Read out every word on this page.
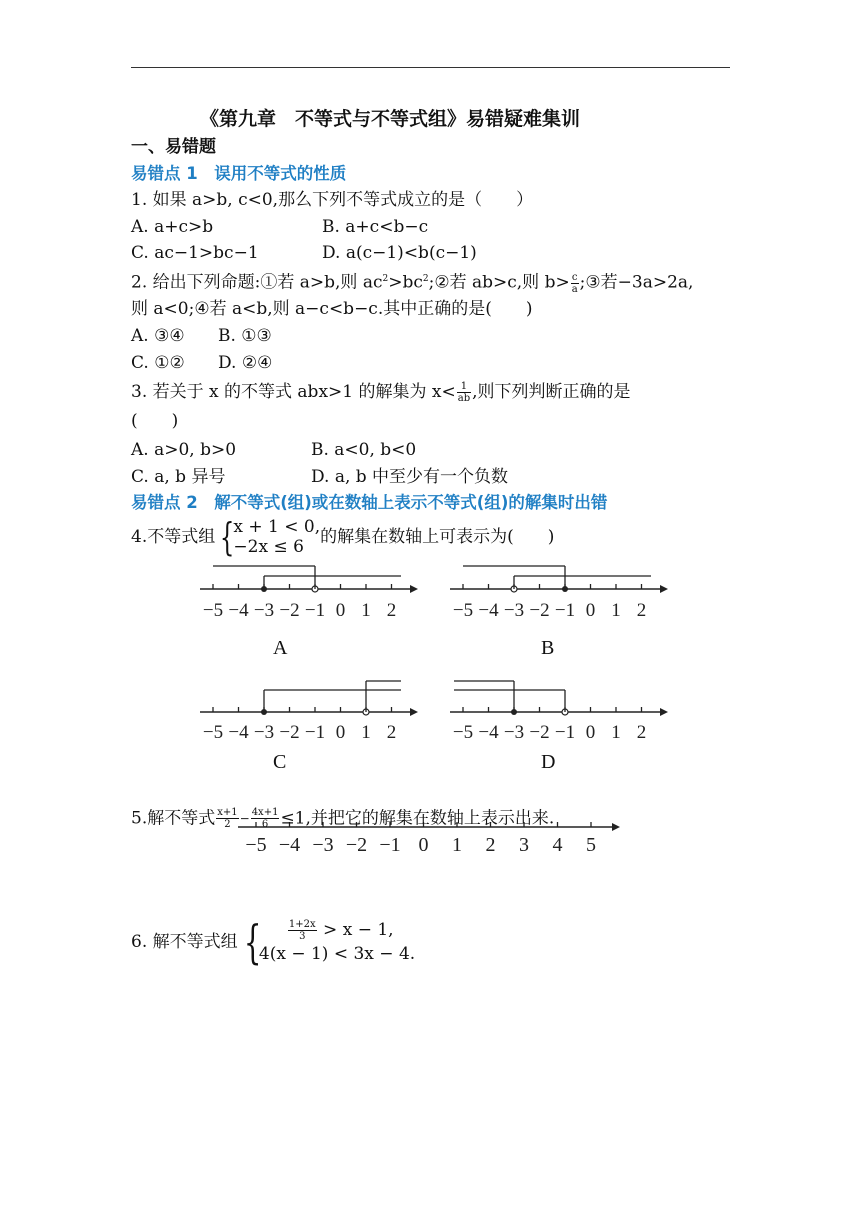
《第九章　不等式与不等式组》易错疑难集训
一、易错题
易错点 1　误用不等式的性质
1. 如果 a>b, c<0,那么下列不等式成立的是（　　）
A. a+c>b	B. a+c<b−c
C. ac−1>bc−1	D. a(c−1)<b(c−1)
2. 给出下列命题:①若 a>b,则 $ac^2>bc^2;②$若 ab>c,则 $b> \frac{c}{a}$ ;③若−3a>2a,
则 a<0;④若 a<b,则 a−c<b−c.其中正确的是(　　)
A. ③④ B. ①③
C. ①② D. ②④
3. 若关于 x 的不等式 abx>1 的解集为 $x< \frac{1}{ab}$ ,则下列判断正确的是
(　　)
A. a>0, b>0	B. a<0, b<0
C. a, b 异号	D. a, b 中至少有一个负数
易错点 2　解不等式(组)或在数轴上表示不等式(组)的解集时出错
4.不等式组 {
x + 1 < 0,
−2x ≤ 6 的解集在数轴上可表示为(　　)
−5 −4 −3 −2 −1 0 1 2	−5 −4 −3 −2 −1 0 1 2
−5 −4 −3 −2 −1 0 1 2	−5 −4 −3 −2 −1 0 1 2
−5 −4 −3 −2 −1 0 1 2 3 4 5
A	B
C	D
5.解不等式 $\frac{x+1}{2} - \frac{4x+1}{6} \le 1$,并把它的解集在数轴上表示出来.
6. 解不等式组 {	$\frac{1+2x}{3} > x - 1$,
4(x − 1) < 3x − 4.
